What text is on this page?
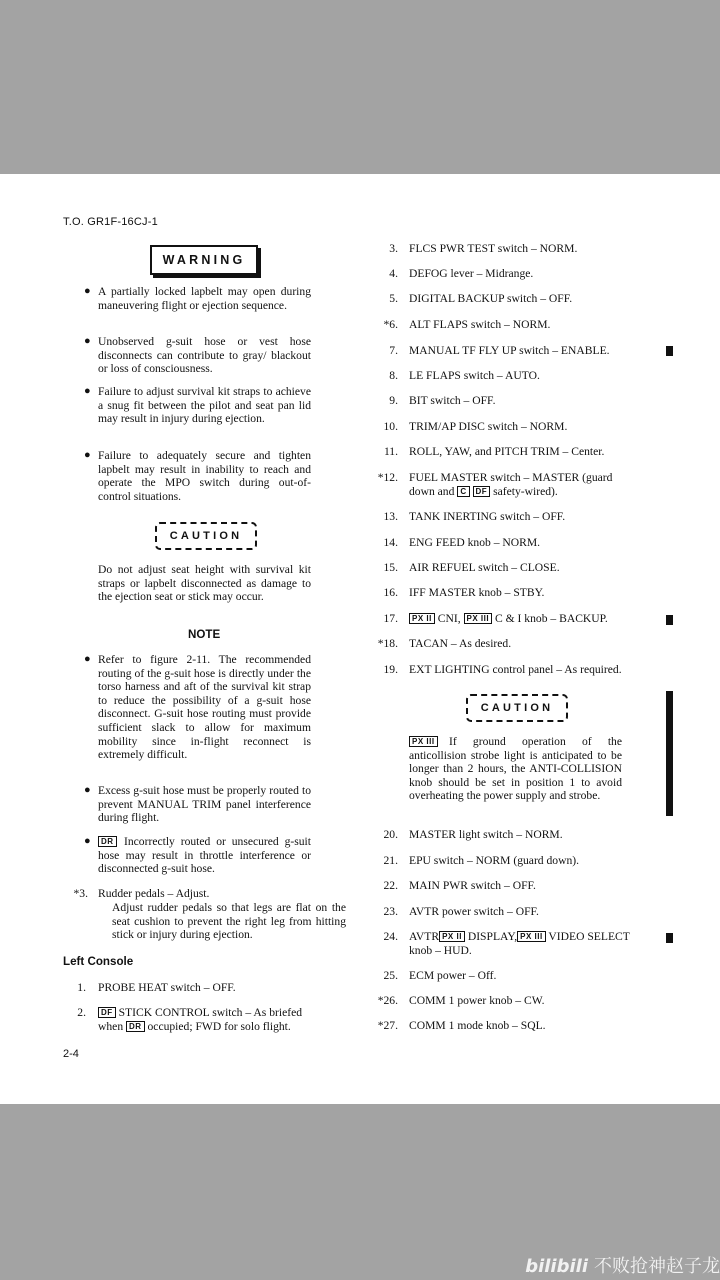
T.O. GR1F-16CJ-1
WARNING
● A partially locked lapbelt may open during maneuvering flight or ejection sequence.
● Unobserved g-suit hose or vest hose disconnects can contribute to gray/ blackout or loss of consciousness.
● Failure to adjust survival kit straps to achieve a snug fit between the pilot and seat pan lid may result in injury during ejection.
● Failure to adequately secure and tighten lapbelt may result in inability to reach and operate the MPO switch during out-of-control situations.
CAUTION
Do not adjust seat height with survival kit straps or lapbelt disconnected as damage to the ejection seat or stick may occur.
NOTE
● Refer to figure 2-11. The recommended routing of the g-suit hose is directly under the torso harness and aft of the survival kit strap to reduce the possibility of a g-suit hose disconnect. G-suit hose routing must provide sufficient slack to allow for maximum mobility since in-flight reconnect is extremely difficult.
● Excess g-suit hose must be properly routed to prevent MANUAL TRIM panel interference during flight.
●	Incorrectly routed or unsecured g-suit hose may result in throttle interference or disconnected g-suit hose.
DR
*3. Rudder pedals – Adjust.
Adjust rudder pedals so that legs are flat on the seat cushion to prevent the right leg from hitting stick or injury during ejection.
Left Console
1. PROBE HEAT switch – OFF.
2.	DF STICK CONTROL switch – As briefed
when DR occupied; FWD for solo flight.
3. FLCS PWR TEST switch – NORM.
4. DEFOG lever – Midrange.
5. DIGITAL BACKUP switch – OFF.
*6. ALT FLAPS switch – NORM.
7. MANUAL TF FLY UP switch – ENABLE.
8. LE FLAPS switch – AUTO.
9. BIT switch – OFF.
10. TRIM/AP DISC switch – NORM.
11. ROLL, YAW, and PITCH TRIM – Center.
*12. FUEL MASTER switch – MASTER (guard
down and C DF safety-wired).
13. TANK INERTING switch – OFF.
14. ENG FEED knob – NORM.
15. AIR REFUEL switch – CLOSE.
16. IFF MASTER knob – STBY.
17.	PX II CNI, PX III C & I knob – BACKUP.
*18. TACAN – As desired.
19. EXT LIGHTING control panel – As required.
CAUTION
If ground operation of the anticollision strobe light is anticipated to be longer than 2 hours, the ANTI-COLLISION knob should be set in position 1 to avoid overheating the power supply and strobe.
PX III
20. MASTER light switch – NORM.
21. EPU switch – NORM (guard down).
22. MAIN PWR switch – OFF.
23. AVTR power switch – OFF.
24. AVTR PX II DISPLAY, PX III VIDEO SELECT
knob – HUD.
25. ECM power – Off.
*26. COMM 1 power knob – CW.
*27. COMM 1 mode knob – SQL.
2-4
bilibili 不败抢神赵子龙
